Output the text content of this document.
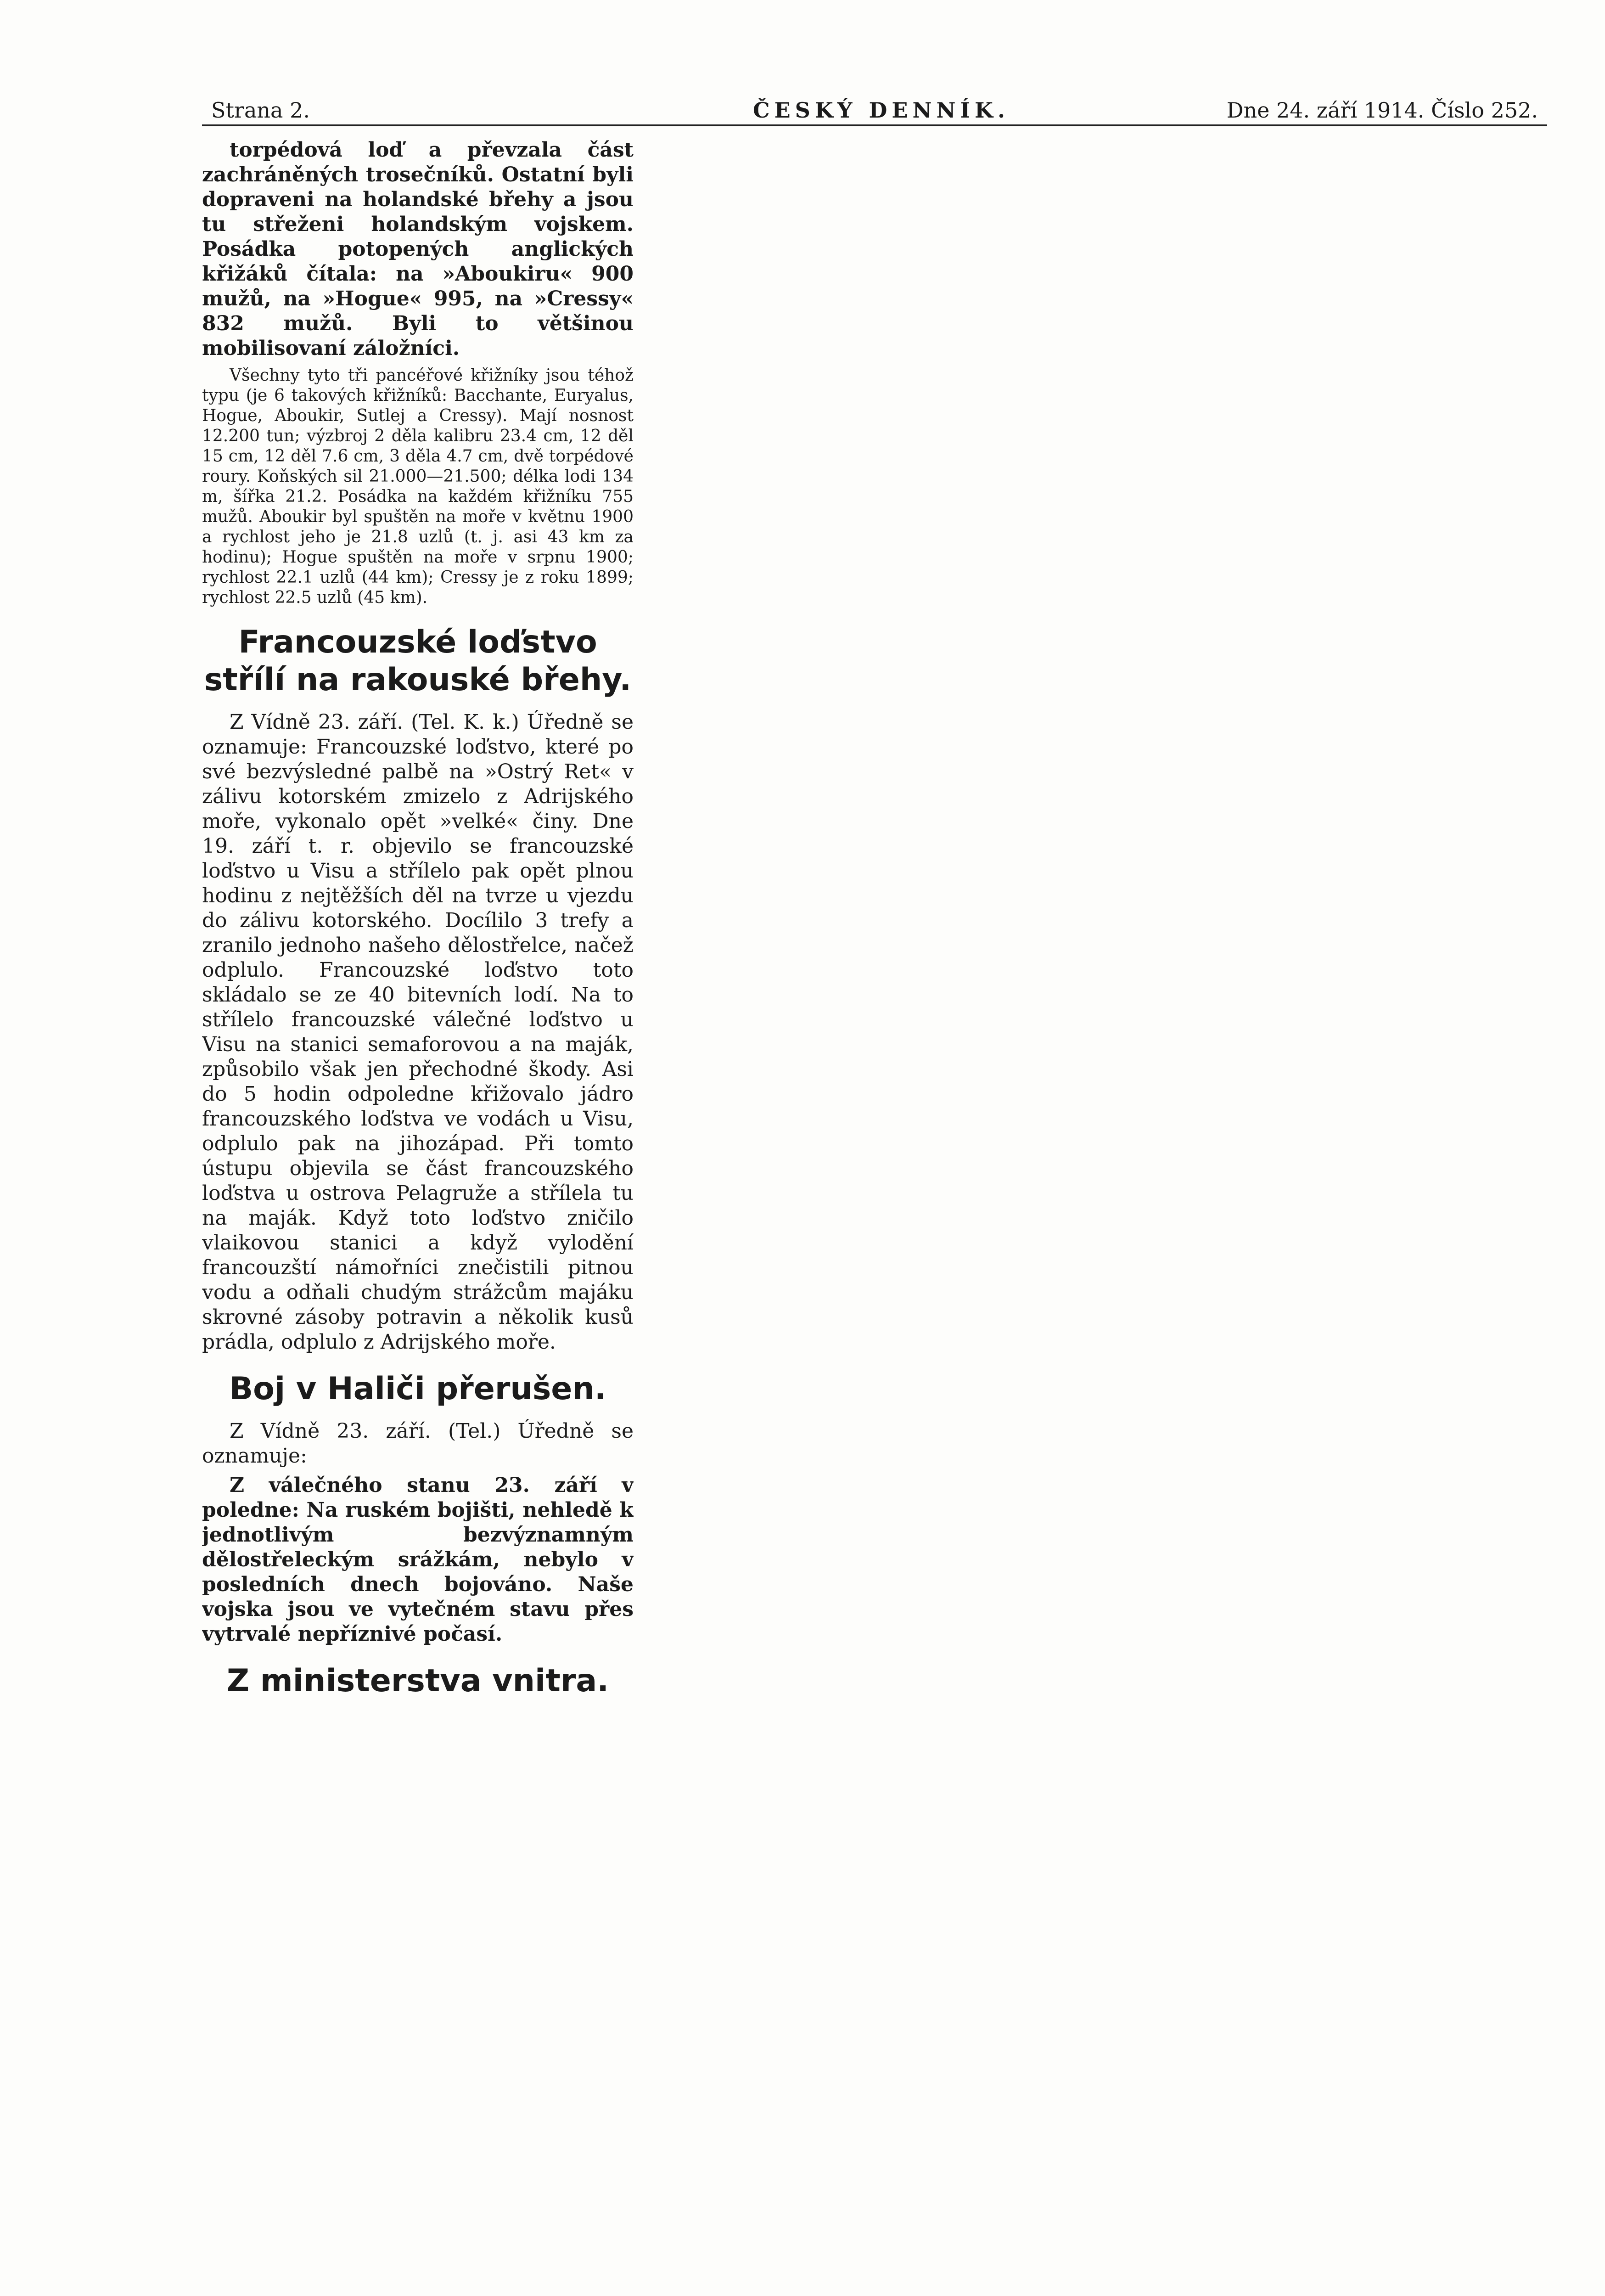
Strana 2.	ČESKÝ DENNÍK.	Dne 24. září 1914. Číslo 252.
torpédová loď a převzala část zachráněných trosečníků. Ostatní byli dopraveni na holandské břehy a jsou tu střeženi holandským vojskem. Posádka potopených anglických křižáků čítala: na »Aboukiru« 900 mužů, na »Hogue« 995, na »Cressy« 832 mužů. Byli to většinou mobilisovaní záložníci.
Všechny tyto tři pancéřové křižníky jsou téhož typu (je 6 takových křižníků: Bacchante, Euryalus, Hogue, Aboukir, Sutlej a Cressy). Mají nosnost 12.200 tun; výzbroj 2 děla kalibru 23.4 cm, 12 děl 15 cm, 12 děl 7.6 cm, 3 děla 4.7 cm, dvě torpédové roury. Koňských sil 21.000—21.500; délka lodi 134 m, šířka 21.2. Posádka na každém křižníku 755 mužů. Aboukir byl spuštěn na moře v květnu 1900 a rychlost jeho je 21.8 uzlů (t. j. asi 43 km za hodinu); Hogue spuštěn na moře v srpnu 1900; rychlost 22.1 uzlů (44 km); Cressy je z roku 1899; rychlost 22.5 uzlů (45 km).
Francouzské loďstvo střílí na rakouské břehy.
Z Vídně 23. září. (Tel. K. k.) Úředně se oznamuje: Francouzské loďstvo, které po své bezvýsledné palbě na »Ostrý Ret« v zálivu kotorském zmizelo z Adrijského moře, vykonalo opět »velké« činy. Dne 19. září t. r. objevilo se francouzské loďstvo u Visu a střílelo pak opět plnou hodinu z nejtěžších děl na tvrze u vjezdu do zálivu kotorského. Docílilo 3 trefy a zranilo jednoho našeho dělostřelce, načež odplulo. Francouzské loďstvo toto skládalo se ze 40 bitevních lodí. Na to střílelo francouzské válečné loďstvo u Visu na stanici semaforovou a na maják, způsobilo však jen přechodné škody. Asi do 5 hodin odpoledne křižovalo jádro francouzského loďstva ve vodách u Visu, odplulo pak na jihozápad. Při tomto ústupu objevila se část francouzského loďstva u ostrova Pelagruže a střílela tu na maják. Když toto loďstvo zničilo vlaikovou stanici a když vylodění francouzští námořníci znečistili pitnou vodu a odňali chudým strážcům majáku skrovné zásoby potravin a několik kusů prádla, odplulo z Adrijského moře.
Boj v Haliči přerušen.
Z Vídně 23. září. (Tel.) Úředně se oznamuje:
Z válečného stanu 23. září v poledne: Na ruském bojišti, nehledě k jednotlivým bezvýznamným dělostřeleckým srážkám, nebylo v posledních dnech bojováno. Naše vojska jsou ve vytečném stavu přes vytrvalé nepříznivé počasí.
Z ministerstva vnitra.
